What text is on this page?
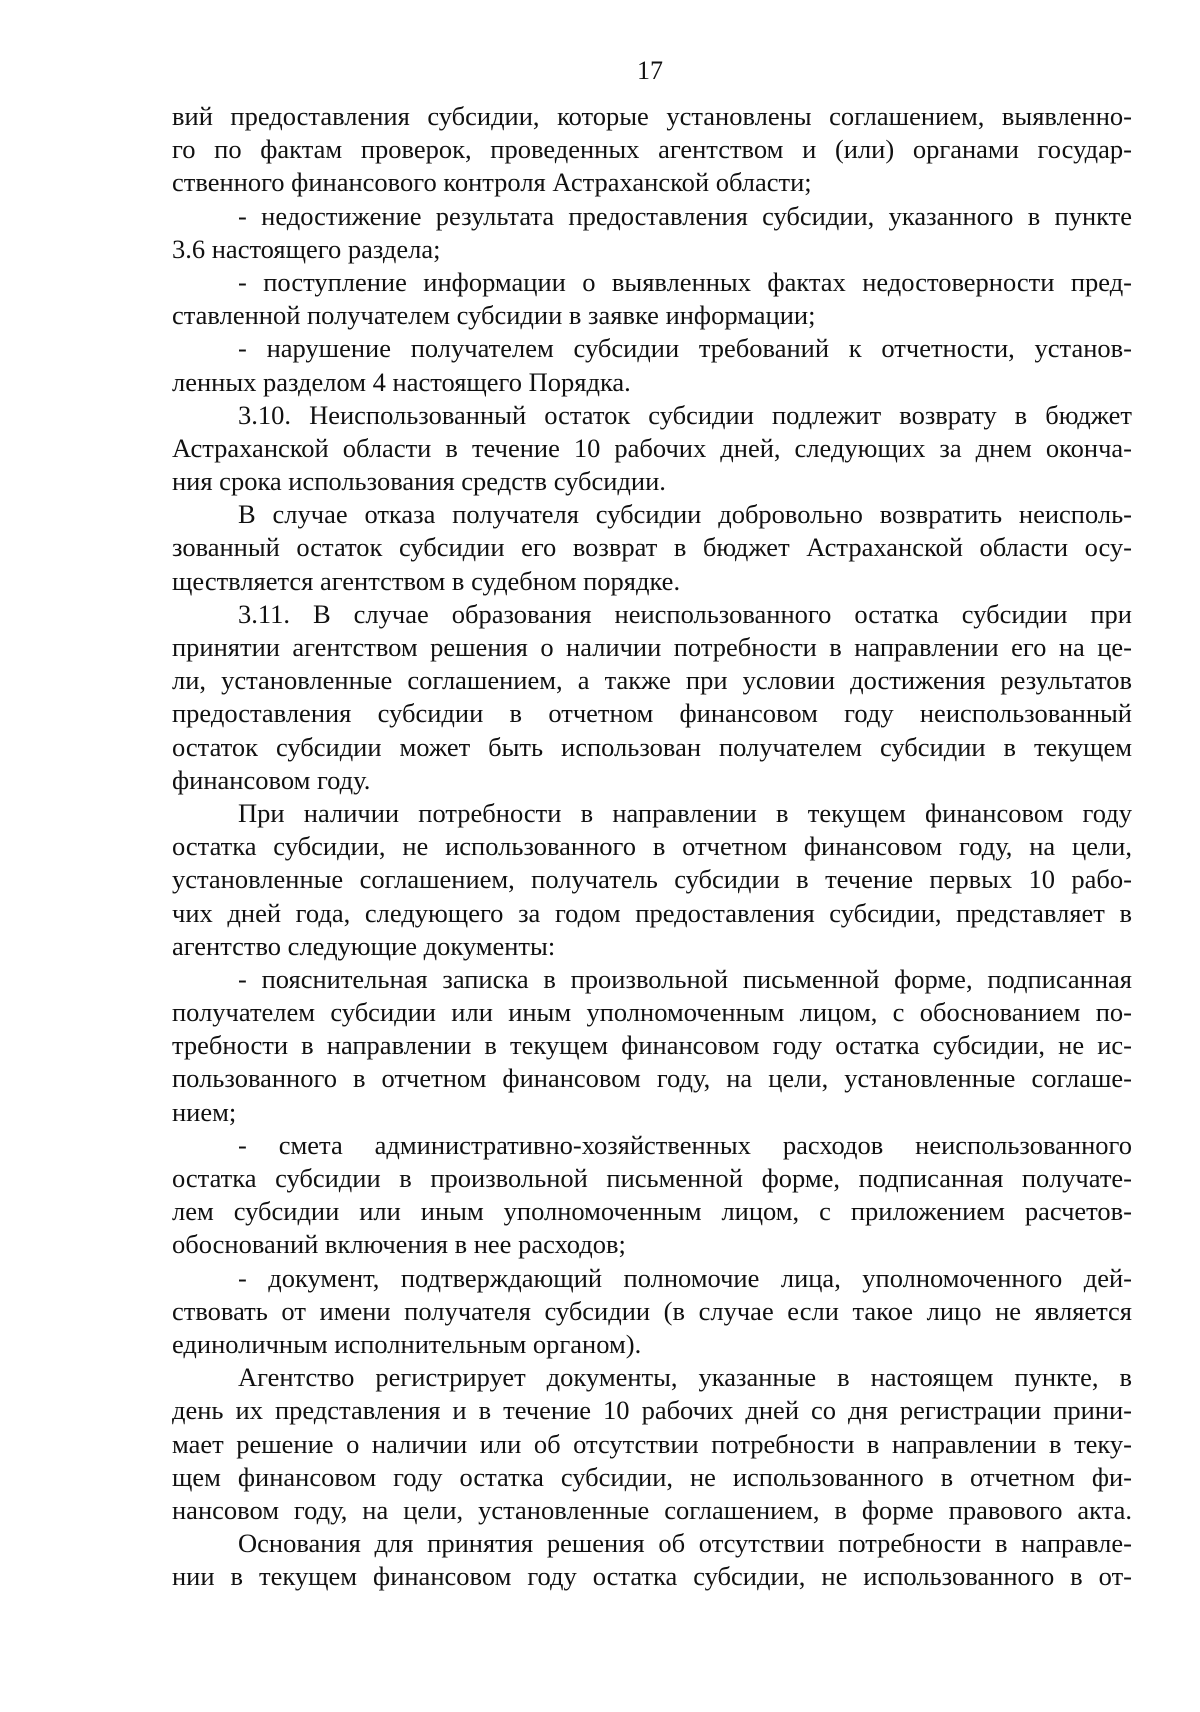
17
вий предоставления субсидии, которые установлены соглашением, выявленно-
го по фактам проверок, проведенных агентством и (или) органами государ-
ственного финансового контроля Астраханской области;
- недостижение результата предоставления субсидии, указанного в пункте
3.6 настоящего раздела;
- поступление информации о выявленных фактах недостоверности пред-
ставленной получателем субсидии в заявке информации;
- нарушение получателем субсидии требований к отчетности, установ-
ленных разделом 4 настоящего Порядка.
3.10. Неиспользованный остаток субсидии подлежит возврату в бюджет
Астраханской области в течение 10 рабочих дней, следующих за днем оконча-
ния срока использования средств субсидии.
В случае отказа получателя субсидии добровольно возвратить неисполь-
зованный остаток субсидии его возврат в бюджет Астраханской области осу-
ществляется агентством в судебном порядке.
3.11. В случае образования неиспользованного остатка субсидии при
принятии агентством решения о наличии потребности в направлении его на це-
ли, установленные соглашением, а также при условии достижения результатов
предоставления субсидии в отчетном финансовом году неиспользованный
остаток субсидии может быть использован получателем субсидии в текущем
финансовом году.
При наличии потребности в направлении в текущем финансовом году
остатка субсидии, не использованного в отчетном финансовом году, на цели,
установленные соглашением, получатель субсидии в течение первых 10 рабо-
чих дней года, следующего за годом предоставления субсидии, представляет в
агентство следующие документы:
- пояснительная записка в произвольной письменной форме, подписанная
получателем субсидии или иным уполномоченным лицом, с обоснованием по-
требности в направлении в текущем финансовом году остатка субсидии, не ис-
пользованного в отчетном финансовом году, на цели, установленные соглаше-
нием;
- смета административно-хозяйственных расходов неиспользованного
остатка субсидии в произвольной письменной форме, подписанная получате-
лем субсидии или иным уполномоченным лицом, с приложением расчетов-
обоснований включения в нее расходов;
- документ, подтверждающий полномочие лица, уполномоченного дей-
ствовать от имени получателя субсидии (в случае если такое лицо не является
единоличным исполнительным органом).
Агентство регистрирует документы, указанные в настоящем пункте, в
день их представления и в течение 10 рабочих дней со дня регистрации прини-
мает решение о наличии или об отсутствии потребности в направлении в теку-
щем финансовом году остатка субсидии, не использованного в отчетном фи-
нансовом году, на цели, установленные соглашением, в форме правового акта.
Основания для принятия решения об отсутствии потребности в направле-
нии в текущем финансовом году остатка субсидии, не использованного в от-
